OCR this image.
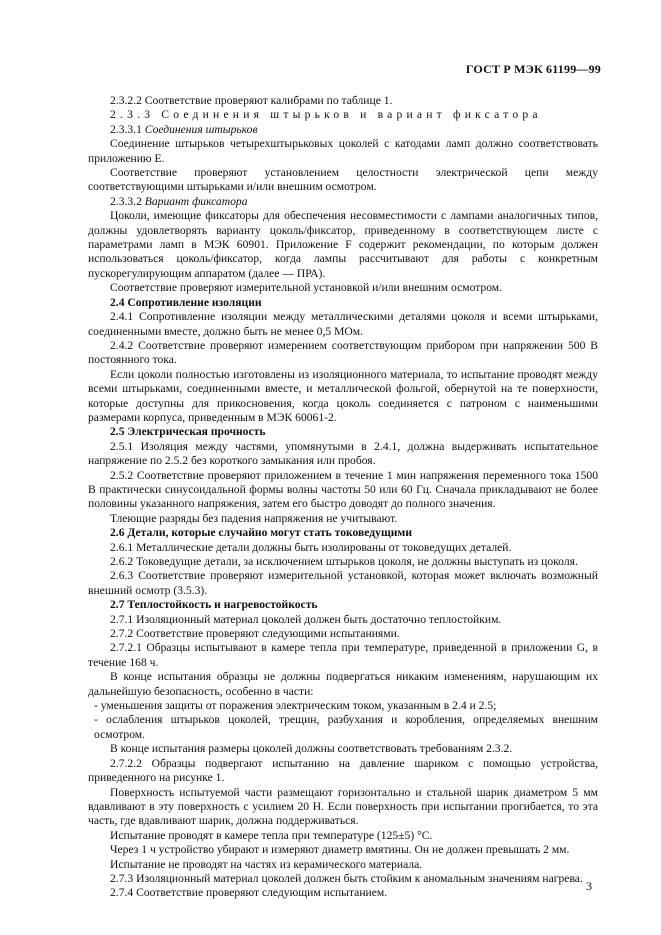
ГОСТ Р МЭК 61199—99

2.3.2.2 Соответствие проверяют калибрами по таблице 1.

2.3.3 Соединения штырьков и вариант фиксатора

2.3.3.1 Соединения штырьков

Соединение штырьков четырехштырьковых цоколей с катодами ламп должно соответствовать приложению Е.

Соответствие проверяют установлением целостности электрической цепи между соответствующими штырьками и/или внешним осмотром.

2.3.3.2 Вариант фиксатора

Цоколи, имеющие фиксаторы для обеспечения несовместимости с лампами аналогичных типов, должны удовлетворять варианту цоколь/фиксатор, приведенному в соответствующем листе с параметрами ламп в МЭК 60901. Приложение F содержит рекомендации, по которым должен использоваться цоколь/фиксатор, когда лампы рассчитывают для работы с конкретным пускорегулирующим аппаратом (далее — ПРА).

Соответствие проверяют измерительной установкой и/или внешним осмотром.

2.4 Сопротивление изоляции

2.4.1 Сопротивление изоляции между металлическими деталями цоколя и всеми штырьками, соединенными вместе, должно быть не менее 0,5 МОм.

2.4.2 Соответствие проверяют измерением соответствующим прибором при напряжении 500 В постоянного тока.

Если цоколи полностью изготовлены из изоляционного материала, то испытание проводят между всеми штырьками, соединенными вместе, и металлической фольгой, обернутой на те поверхности, которые доступны для прикосновения, когда цоколь соединяется с патроном с наименьшими размерами корпуса, приведенным в МЭК 60061-2.

2.5 Электрическая прочность

2.5.1 Изоляция между частями, упомянутыми в 2.4.1, должна выдерживать испытательное напряжение по 2.5.2 без короткого замыкания или пробоя.

2.5.2 Соответствие проверяют приложением в течение 1 мин напряжения переменного тока 1500 В практически синусоидальной формы волны частоты 50 или 60 Гц. Сначала прикладывают не более половины указанного напряжения, затем его быстро доводят до полного значения.

Тлеющие разряды без падения напряжения не учитывают.

2.6 Детали, которые случайно могут стать токоведущими

2.6.1 Металлические детали должны быть изолированы от токоведущих деталей.

2.6.2 Токоведущие детали, за исключением штырьков цоколя, не должны выступать из цоколя.

2.6.3 Соответствие проверяют измерительной установкой, которая может включать возможный внешний осмотр (3.5.3).

2.7 Теплостойкость и нагревостойкость

2.7.1 Изоляционный материал цоколей должен быть достаточно теплостойким.

2.7.2 Соответствие проверяют следующими испытаниями.

2.7.2.1 Образцы испытывают в камере тепла при температуре, приведенной в приложении G, в течение 168 ч.

В конце испытания образцы не должны подвергаться никаким изменениям, нарушающим их дальнейшую безопасность, особенно в части:

- уменьшения защиты от поражения электрическим током, указанным в 2.4 и 2.5;

- ослабления штырьков цоколей, трещин, разбухания и коробления, определяемых внешним осмотром.

В конце испытания размеры цоколей должны соответствовать требованиям 2.3.2.

2.7.2.2 Образцы подвергают испытанию на давление шариком с помощью устройства, приведенного на рисунке 1.

Поверхность испытуемой части размещают горизонтально и стальной шарик диаметром 5 мм вдавливают в эту поверхность с усилием 20 Н. Если поверхность при испытании прогибается, то эта часть, где вдавливают шарик, должна поддерживаться.

Испытание проводят в камере тепла при температуре (125±5) °С.

Через 1 ч устройство убирают и измеряют диаметр вмятины. Он не должен превышать 2 мм.

Испытание не проводят на частях из керамического материала.

2.7.3 Изоляционный материал цоколей должен быть стойким к аномальным значениям нагрева.

2.7.4 Соответствие проверяют следующим испытанием.	3
